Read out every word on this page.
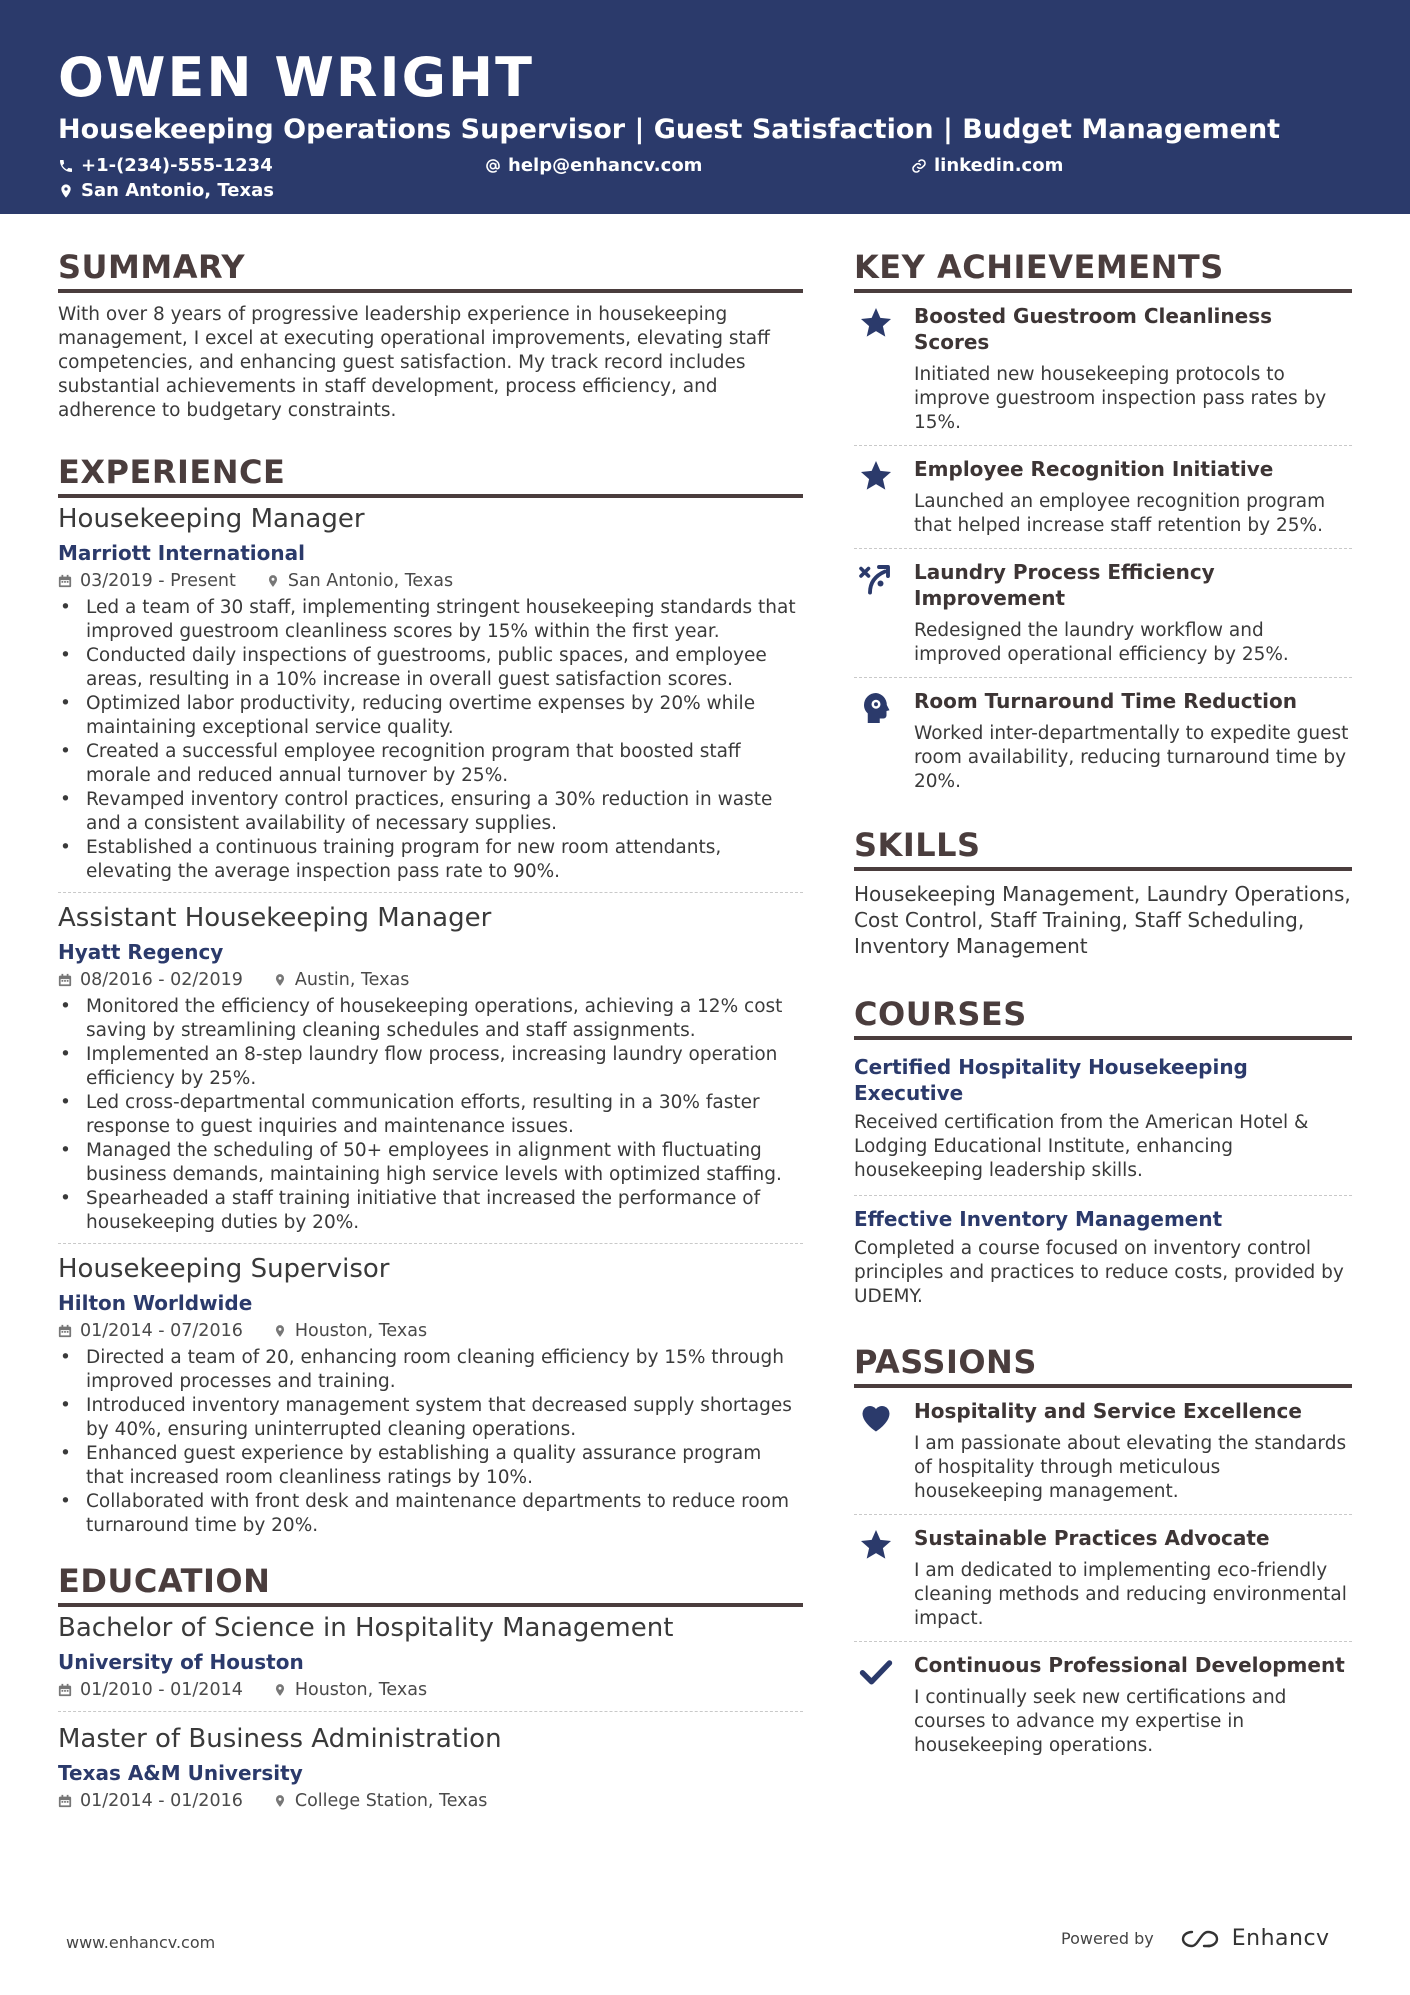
OWEN WRIGHT
Housekeeping Operations Supervisor | Guest Satisfaction | Budget Management
+1-(234)-555-1234	help@enhancv.com	linkedin.com
San Antonio, Texas
SUMMARY
With over 8 years of progressive leadership experience in housekeeping management, I excel at executing operational improvements, elevating staff competencies, and enhancing guest satisfaction. My track record includes substantial achievements in staff development, process efficiency, and adherence to budgetary constraints.
EXPERIENCE
Housekeeping Manager
Marriott International
03/2019 - Present	San Antonio, Texas
• Led a team of 30 staff, implementing stringent housekeeping standards that improved guestroom cleanliness scores by 15% within the first year.
• Conducted daily inspections of guestrooms, public spaces, and employee areas, resulting in a 10% increase in overall guest satisfaction scores.
• Optimized labor productivity, reducing overtime expenses by 20% while maintaining exceptional service quality.
• Created a successful employee recognition program that boosted staff morale and reduced annual turnover by 25%.
• Revamped inventory control practices, ensuring a 30% reduction in waste and a consistent availability of necessary supplies.
• Established a continuous training program for new room attendants, elevating the average inspection pass rate to 90%.
Assistant Housekeeping Manager
Hyatt Regency
08/2016 - 02/2019	Austin, Texas
• Monitored the efficiency of housekeeping operations, achieving a 12% cost saving by streamlining cleaning schedules and staff assignments.
• Implemented an 8-step laundry flow process, increasing laundry operation efficiency by 25%.
• Led cross-departmental communication efforts, resulting in a 30% faster response to guest inquiries and maintenance issues.
• Managed the scheduling of 50+ employees in alignment with fluctuating business demands, maintaining high service levels with optimized staffing.
• Spearheaded a staff training initiative that increased the performance of housekeeping duties by 20%.
Housekeeping Supervisor
Hilton Worldwide
01/2014 - 07/2016	Houston, Texas
• Directed a team of 20, enhancing room cleaning efficiency by 15% through improved processes and training.
• Introduced inventory management system that decreased supply shortages by 40%, ensuring uninterrupted cleaning operations.
• Enhanced guest experience by establishing a quality assurance program that increased room cleanliness ratings by 10%.
• Collaborated with front desk and maintenance departments to reduce room turnaround time by 20%.
EDUCATION
Bachelor of Science in Hospitality Management
University of Houston
01/2010 - 01/2014	Houston, Texas
Master of Business Administration
Texas A&M University
01/2014 - 01/2016	College Station, Texas
KEY ACHIEVEMENTS
Boosted Guestroom Cleanliness Scores
Initiated new housekeeping protocols to improve guestroom inspection pass rates by 15%.
Employee Recognition Initiative
Launched an employee recognition program that helped increase staff retention by 25%.
Laundry Process Efficiency Improvement
Redesigned the laundry workflow and improved operational efficiency by 25%.
Room Turnaround Time Reduction
Worked inter-departmentally to expedite guest room availability, reducing turnaround time by 20%.
SKILLS
Housekeeping Management, Laundry Operations, Cost Control, Staff Training, Staff Scheduling, Inventory Management
COURSES
Certified Hospitality Housekeeping Executive
Received certification from the American Hotel & Lodging Educational Institute, enhancing housekeeping leadership skills.
Effective Inventory Management
Completed a course focused on inventory control principles and practices to reduce costs, provided by UDEMY.
PASSIONS
Hospitality and Service Excellence
I am passionate about elevating the standards of hospitality through meticulous housekeeping management.
Sustainable Practices Advocate
I am dedicated to implementing eco-friendly cleaning methods and reducing environmental impact.
Continuous Professional Development
I continually seek new certifications and courses to advance my expertise in housekeeping operations.
www.enhancv.com	Powered by	Enhancv
